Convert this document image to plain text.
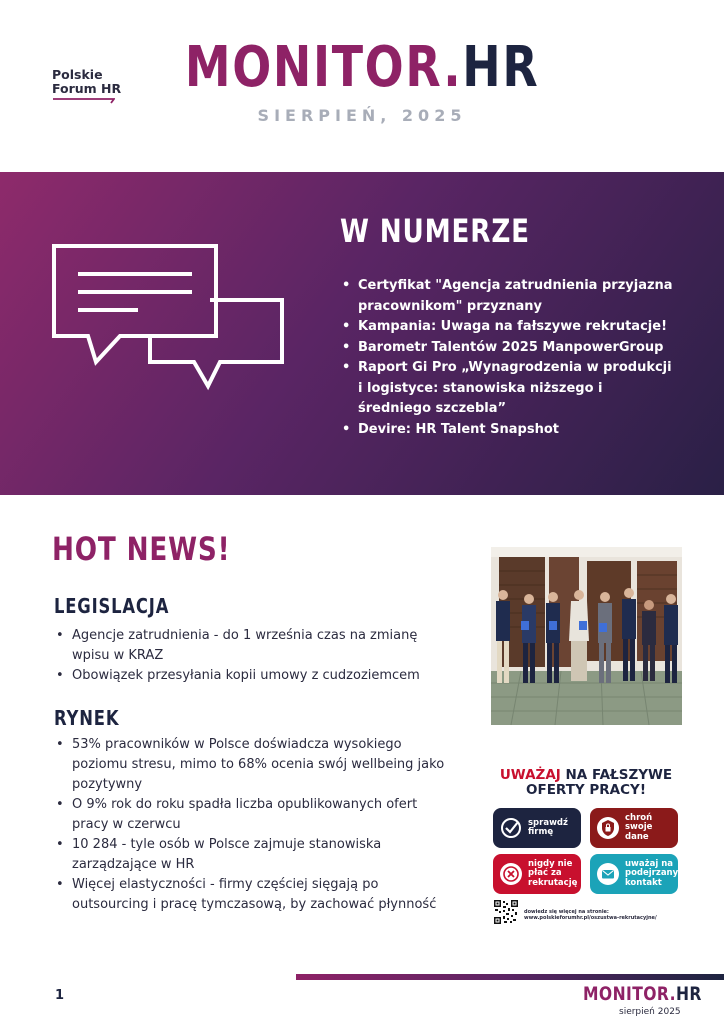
Polskie
Forum HR	MONITOR.HR
SIERPIEŃ, 2025
W NUMERZE
• Certyfikat "Agencja zatrudnienia przyjazna pracownikom" przyznany
• Kampania: Uwaga na fałszywe rekrutacje!
• Barometr Talentów 2025 ManpowerGroup
• Raport Gi Pro „Wynagrodzenia w produkcji i logistyce: stanowiska niższego i średniego szczebla”
• Devire: HR Talent Snapshot
HOT NEWS!
LEGISLACJA
• Agencje zatrudnienia - do 1 września czas na zmianę wpisu w KRAZ
• Obowiązek przesyłania kopii umowy z cudzoziemcem
RYNEK
• 53% pracowników w Polsce doświadcza wysokiego poziomu stresu, mimo to 68% ocenia swój wellbeing jako pozytywny
• O 9% rok do roku spadła liczba opublikowanych ofert pracy w czerwcu
• 10 284 - tyle osób w Polsce zajmuje stanowiska zarządzające w HR
• Więcej elastyczności - firmy częściej sięgają po outsourcing i pracę tymczasową, by zachować płynność
UWAŻAJ NA FAŁSZYWE OFERTY PRACY!
sprawdź firmę
chroń swoje dane
nigdy nie płać za rekrutację
uważaj na podejrzany kontakt
dowiedz się więcej na stronie: www.polskieforumhr.pl/oszustwa-rekrutacyjne/
1	MONITOR.HR
sierpień 2025
